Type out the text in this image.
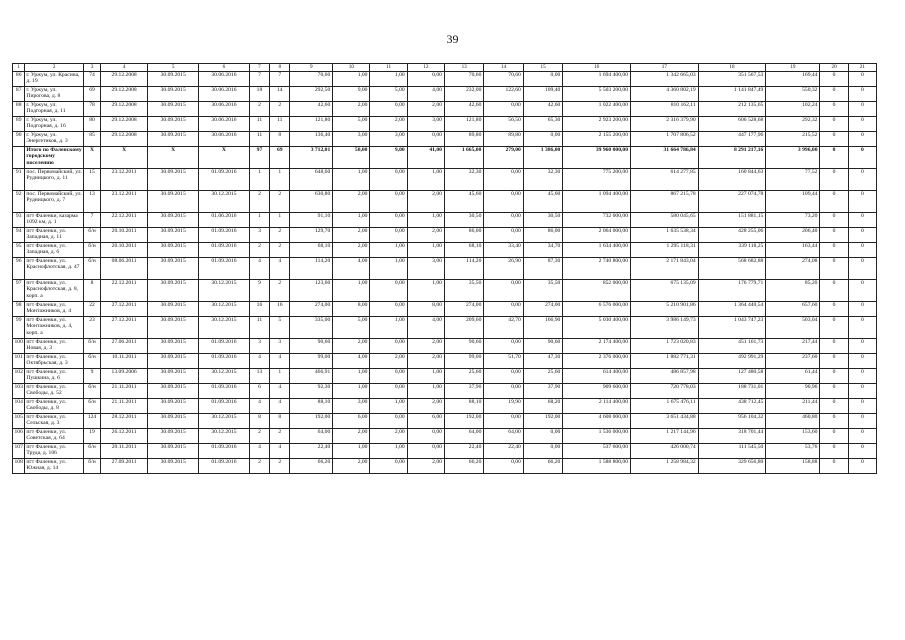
39
1	2	3	4	5	6	7	8	9	10	11	12	13	14	15	16	17	18	19	20	21
86	г. Уржум, ул. Красина, д. 19	74	29.12.2008	30.09.2015	30.06.2016	7	7	70,60	1,00	1,00	0,00	70,60	70,60	0,00	1 694 400,00	1 342 665,03	351 567,53	169,44	0	0
87	г. Уржум, ул. Пирогова, д. 8	69	29.12.2008	30.09.2015	30.06.2016	18	14	292,50	9,00	5,00	4,00	232,00	122,60	109,40	5 503 200,00	4 360 802,19	1 141 847,49	550,32	0	0
88	г. Уржум, ул. Подгорная, д. 11	78	29.12.2008	30.09.2015	30.06.2016	2	2	42,60	2,00	0,00	2,00	42,60	0,00	42,60	1 022 400,00	810 162,11	212 135,65	102,24	0	0
89	г. Уржум, ул. Подгорная, д. 16	80	29.12.2008	30.09.2015	30.06.2016	11	11	121,80	5,00	2,00	3,00	121,80	56,50	65,30	2 923 200,00	2 316 379,90	606 528,68	292,32	0	0
90	г. Уржум, ул. Энергетиков, д. 3	85	29.12.2008	30.09.2015	30.06.2016	11	8	136,40	3,00	3,00	0,00	89,80	89,80	0,00	2 155 200,00	1 707 806,52	447 177,96	215,52	0	0
	Итого по Фаленскому городскому поселению	X	X	X	X	97	69	3 712,01	50,00	9,00	41,00	1 665,00	279,00	1 386,00	39 960 000,00	31 664 786,84	8 291 217,16	3 996,00	0	0
91	пос. Первомайский, ул. Рудницкого, д. 11	15	23.12.2011	30.09.2015	01.09.2016	1	1	648,60	1,00	0,00	1,00	32,30	0,00	32,30	775 200,00	614 277,85	160 844,63	77,52	0	0
92	пос. Первомайский, ул. Рудницкого, д. 7	13	23.12.2011	30.09.2015	30.12.2015	2	2	630,80	2,00	0,00	2,00	45,60	0,00	45,60	1 094 400,00	867 215,78	227 074,78	109,44	0	0
93	пгт Фаленки, казарма 1092 км, д. 1	7	22.12.2011	30.09.2015	01.06.2016	1	1	91,10	1,00	0,00	1,00	30,50	0,00	30,50	732 000,00	580 045,65	151 881,15	73,20	0	0
94	пгт Фаленки, ул. Западная, д. 11	б/н	20.10.2011	30.09.2015	01.09.2016	3	2	129,70	2,00	0,00	2,00	86,00	0,00	86,00	2 064 000,00	1 635 538,34	428 255,06	206,40	0	0
95	пгт Фаленки, ул. Западная, д. 6	б/н	20.10.2011	30.09.2015	01.09.2016	2	2	68,10	2,00	1,00	1,00	68,10	33,40	34,70	1 634 400,00	1 295 118,31	339 118,25	163,44	0	0
96	пгт Фаленки, ул. Краснофлотская, д. 47	б/н	08.06.2011	30.09.2015	01.09.2016	4	4	114,20	4,00	1,00	3,00	114,20	26,90	87,30	2 740 800,00	2 171 843,04	568 682,88	274,08	0	0
97	пгт Фаленки, ул. Краснофлотская, д. 8, корп. а	8	22.12.2011	30.09.2015	30.12.2015	9	2	123,60	1,00	0,00	1,00	35,50	0,00	35,50	852 000,00	675 135,09	176 779,71	85,20	0	0
98	пгт Фаленки, ул. Монтажников, д. 4	22	27.12.2011	30.09.2015	30.12.2015	16	16	274,00	8,00	0,00	8,00	274,00	0,00	274,00	6 576 000,00	5 210 901,86	1 364 440,54	657,60	0	0
99	пгт Фаленки, ул. Монтажников, д. 4, корп. а	23	27.12.2011	30.09.2015	30.12.2015	11	5	335,00	5,00	1,00	4,00	209,60	42,70	166,90	5 030 400,00	3 986 149,73	1 043 747,23	503,04	0	0
100	пгт Фаленки, ул. Новая, д. 3	б/н	27.06.2011	30.09.2015	01.09.2016	3	3	90,60	2,00	0,00	2,00	90,60	0,00	90,60	2 174 400,00	1 723 020,83	451 161,73	217,44	0	0
101	пгт Фаленки, ул. Октябрьская, д. 3	б/н	10.11.2011	30.09.2015	01.09.2016	4	4	99,00	4,00	2,00	2,00	99,00	51,70	47,30	2 376 000,00	1 882 771,31	492 991,29	237,60	0	0
102	пгт Фаленки, ул. Пушкина, д. 6	9	13.09.2006	30.09.2015	30.12.2015	13	1	466,91	1,00	0,00	1,00	25,60	0,00	25,60	614 400,00	486 857,98	127 480,58	61,44	0	0
103	пгт Фаленки, ул. Свободы, д. 52	б/н	21.11.2011	30.09.2015	01.09.2016	6	4	92,30	1,00	0,00	1,00	37,90	0,00	37,90	909 600,00	720 778,03	188 731,01	90,96	0	0
104	пгт Фаленки, ул. Свободы, д. 8	б/н	21.11.2011	30.09.2015	01.09.2016	4	4	88,10	3,00	1,00	2,00	88,10	19,90	68,20	2 114 400,00	1 675 476,11	438 712,45	211,44	0	0
105	пгт Фаленки, ул. Сельская, д. 3	124	28.12.2011	30.09.2015	30.12.2015	8	8	192,00	6,00	0,00	6,00	192,00	0,00	192,00	4 608 000,00	3 651 434,88	956 104,32	460,80	0	0
106	пгт Фаленки, ул. Советская, д. 64	19	26.12.2011	30.09.2015	30.12.2015	2	2	64,00	2,00	2,00	0,00	64,00	64,00	0,00	1 536 000,00	1 217 144,96	318 701,44	153,60	0	0
107	пгт Фаленки, ул. Труда, д. 106	б/н	20.11.2011	30.09.2015	01.09.2016	4	4	22,40	1,00	1,00	0,00	22,40	22,40	0,00	537 600,00	426 000,74	111 545,50	53,76	0	0
108	пгт Фаленки, ул. Южная, д. 14	б/н	27.09.2011	30.09.2015	01.09.2016	2	2	66,20	2,00	0,00	2,00	66,20	0,00	66,20	1 588 800,00	1 258 984,32	329 656,80	158,88	0	0
